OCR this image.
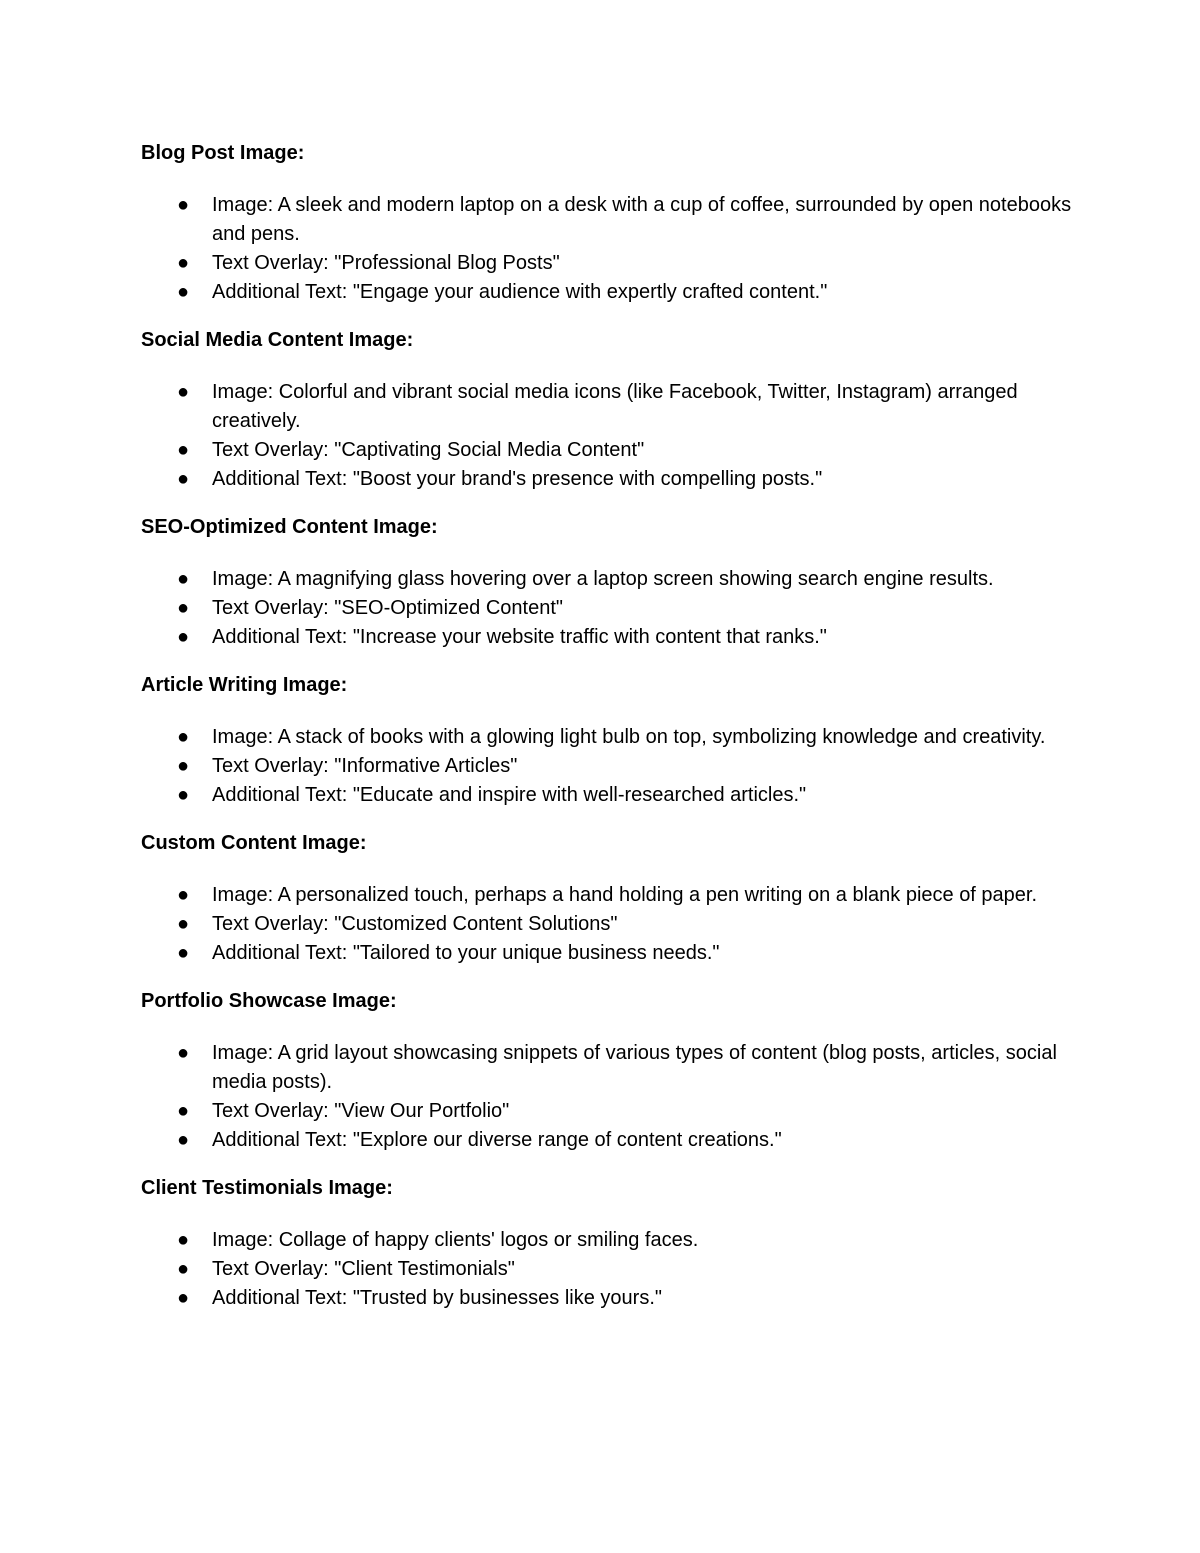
Blog Post Image:
● Image: A sleek and modern laptop on a desk with a cup of coffee, surrounded by open notebooks and pens.
● Text Overlay: "Professional Blog Posts"
● Additional Text: "Engage your audience with expertly crafted content."
Social Media Content Image:
● Image: Colorful and vibrant social media icons (like Facebook, Twitter, Instagram) arranged creatively.
● Text Overlay: "Captivating Social Media Content"
● Additional Text: "Boost your brand's presence with compelling posts."
SEO-Optimized Content Image:
● Image: A magnifying glass hovering over a laptop screen showing search engine results.
● Text Overlay: "SEO-Optimized Content"
● Additional Text: "Increase your website traffic with content that ranks."
Article Writing Image:
● Image: A stack of books with a glowing light bulb on top, symbolizing knowledge and creativity.
● Text Overlay: "Informative Articles"
● Additional Text: "Educate and inspire with well-researched articles."
Custom Content Image:
● Image: A personalized touch, perhaps a hand holding a pen writing on a blank piece of paper.
● Text Overlay: "Customized Content Solutions"
● Additional Text: "Tailored to your unique business needs."
Portfolio Showcase Image:
● Image: A grid layout showcasing snippets of various types of content (blog posts, articles, social media posts).
● Text Overlay: "View Our Portfolio"
● Additional Text: "Explore our diverse range of content creations."
Client Testimonials Image:
● Image: Collage of happy clients' logos or smiling faces.
● Text Overlay: "Client Testimonials"
● Additional Text: "Trusted by businesses like yours."
